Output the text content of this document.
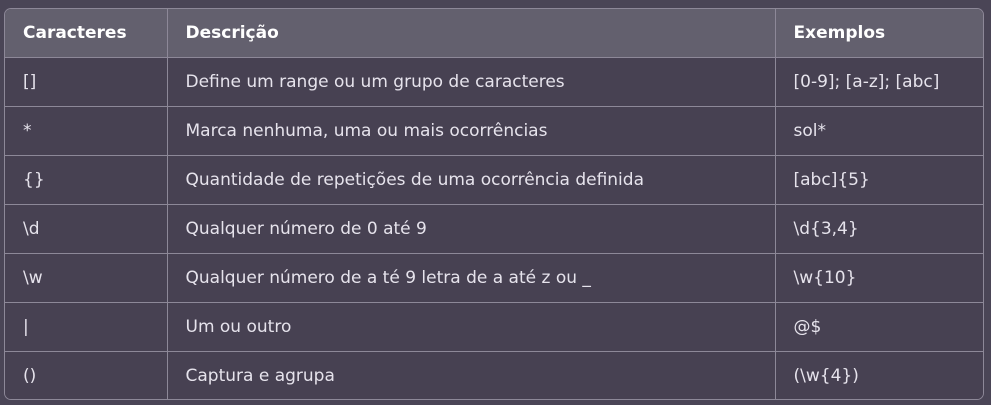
Caracteres	Descrição	Exemplos
[]	Define um range ou um grupo de caracteres	[0-9]; [a-z]; [abc]
*	Marca nenhuma, uma ou mais ocorrências	sol*
{}	Quantidade de repetições de uma ocorrência definida	[abc]{5}
\d	Qualquer número de 0 até 9	\d{3,4}
\w	Qualquer número de a té 9 letra de a até z ou _	\w{10}
|	Um ou outro	@$
()	Captura e agrupa	(\w{4})
